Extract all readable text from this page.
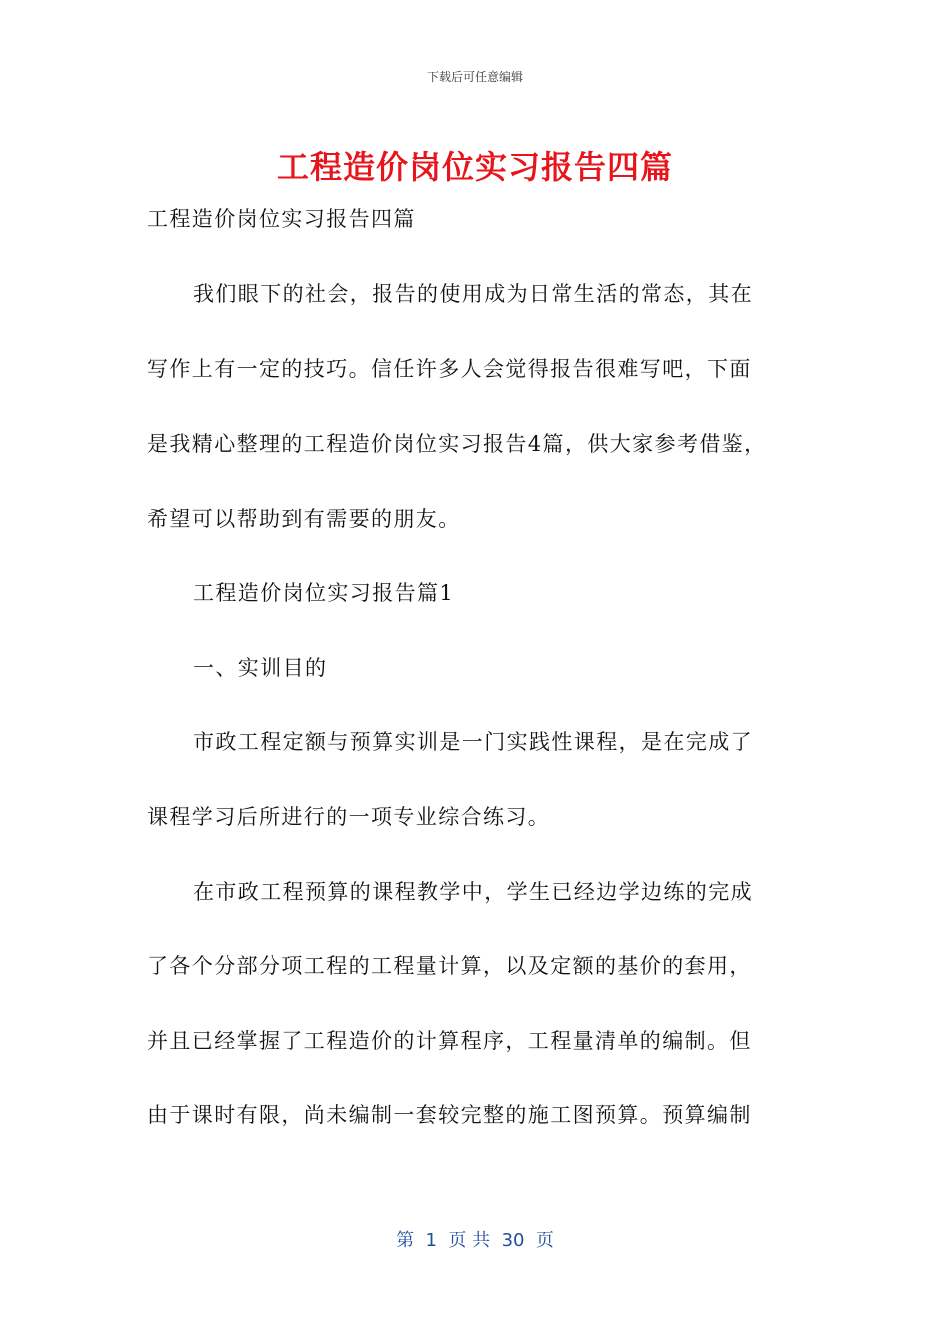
下载后可任意编辑
工程造价岗位实习报告四篇

工程造价岗位实习报告四篇

我们眼下的社会，报告的使用成为日常生活的常态，其在

写作上有一定的技巧。信任许多人会觉得报告很难写吧，下面

是我精心整理的工程造价岗位实习报告4篇，供大家参考借鉴，

希望可以帮助到有需要的朋友。

工程造价岗位实习报告篇1

一、实训目的

市政工程定额与预算实训是一门实践性课程，是在完成了

课程学习后所进行的一项专业综合练习。

在市政工程预算的课程教学中，学生已经边学边练的完成

了各个分部分项工程的工程量计算，以及定额的基价的套用，

并且已经掌握了工程造价的计算程序，工程量清单的编制。但

由于课时有限，尚未编制一套较完整的施工图预算。预算编制

第  1  页 共  30  页
